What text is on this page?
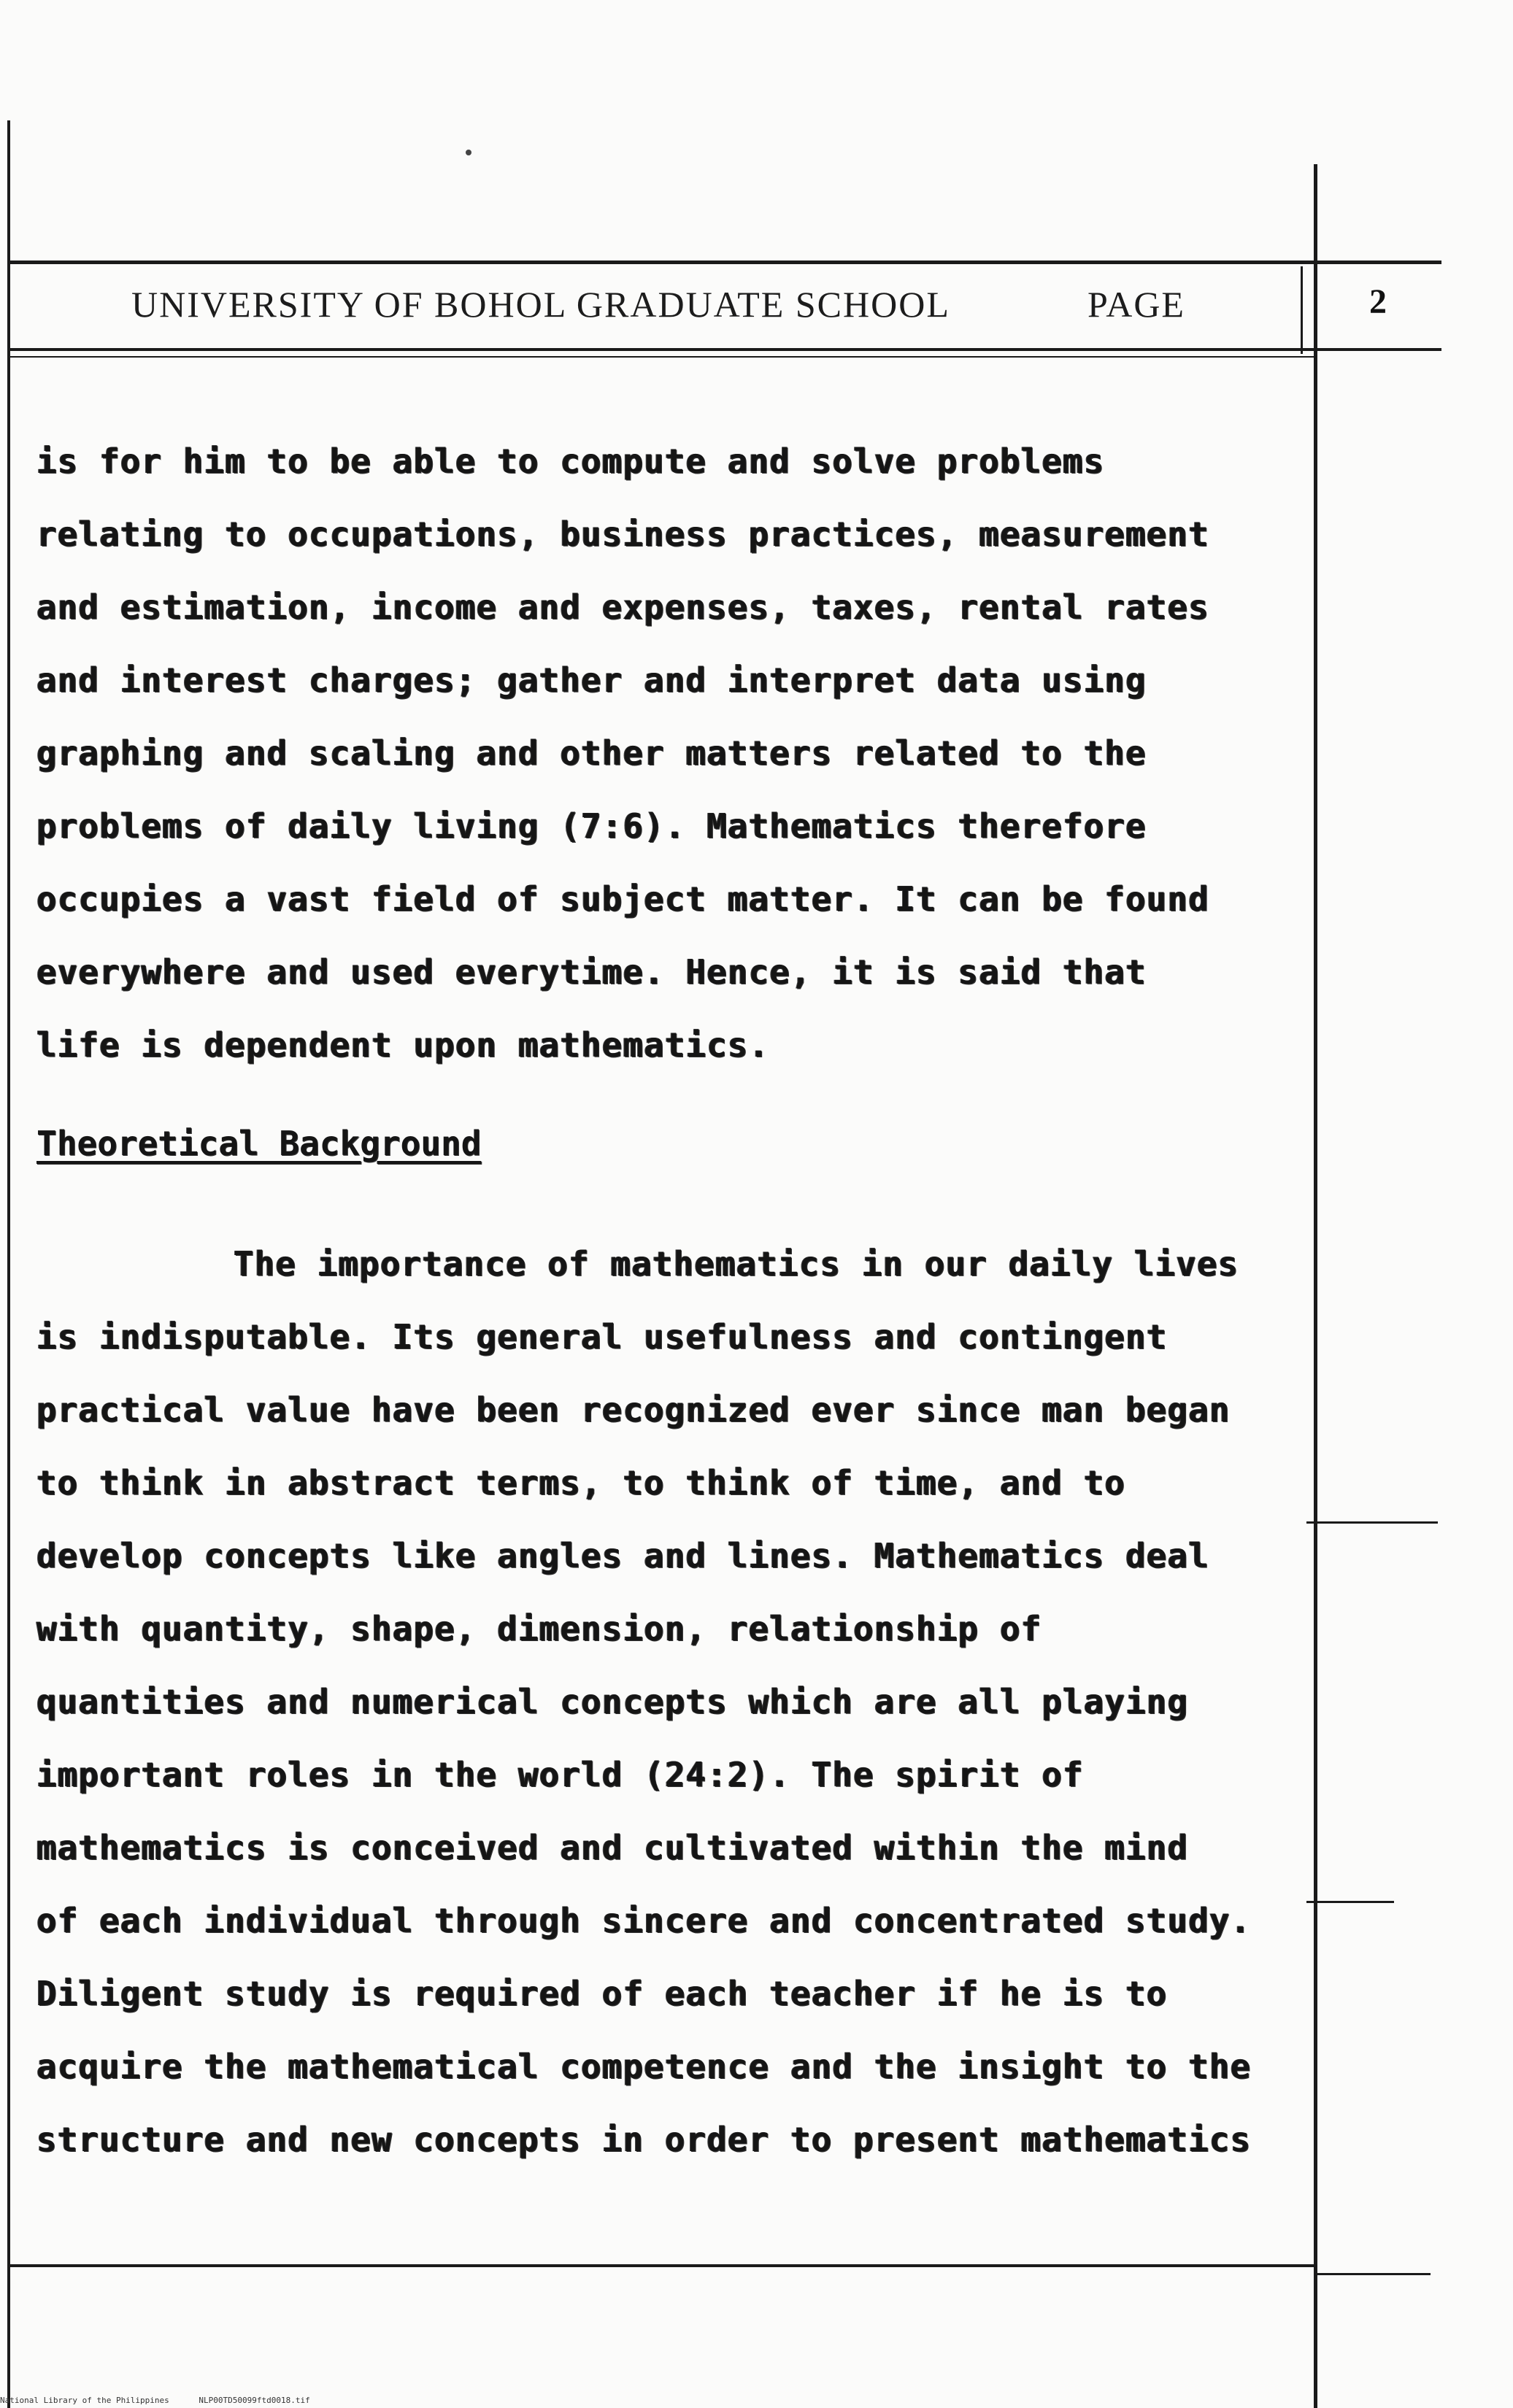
UNIVERSITY OF BOHOL GRADUATE SCHOOL	PAGE	2
is for him to be able to compute and solve problems
relating to occupations, business practices, measurement
and estimation, income and expenses, taxes, rental rates
and interest charges; gather and interpret data using
graphing and scaling and other matters related to the
problems of daily living (7:6). Mathematics therefore
occupies a vast field of subject matter. It can be found
everywhere and used everytime. Hence, it is said that
life is dependent upon mathematics.
Theoretical Background
The importance of mathematics in our daily lives
is indisputable. Its general usefulness and contingent
practical value have been recognized ever since man began
to think in abstract terms, to think of time, and to
develop concepts like angles and lines. Mathematics deal
with quantity, shape, dimension, relationship of
quantities and numerical concepts which are all playing
important roles in the world (24:2). The spirit of
mathematics is conceived and cultivated within the mind
of each individual through sincere and concentrated study.
Diligent study is required of each teacher if he is to
acquire the mathematical competence and the insight to the
structure and new concepts in order to present mathematics
National Library of the Philippines	NLP00TD50099ftd0018.tif
